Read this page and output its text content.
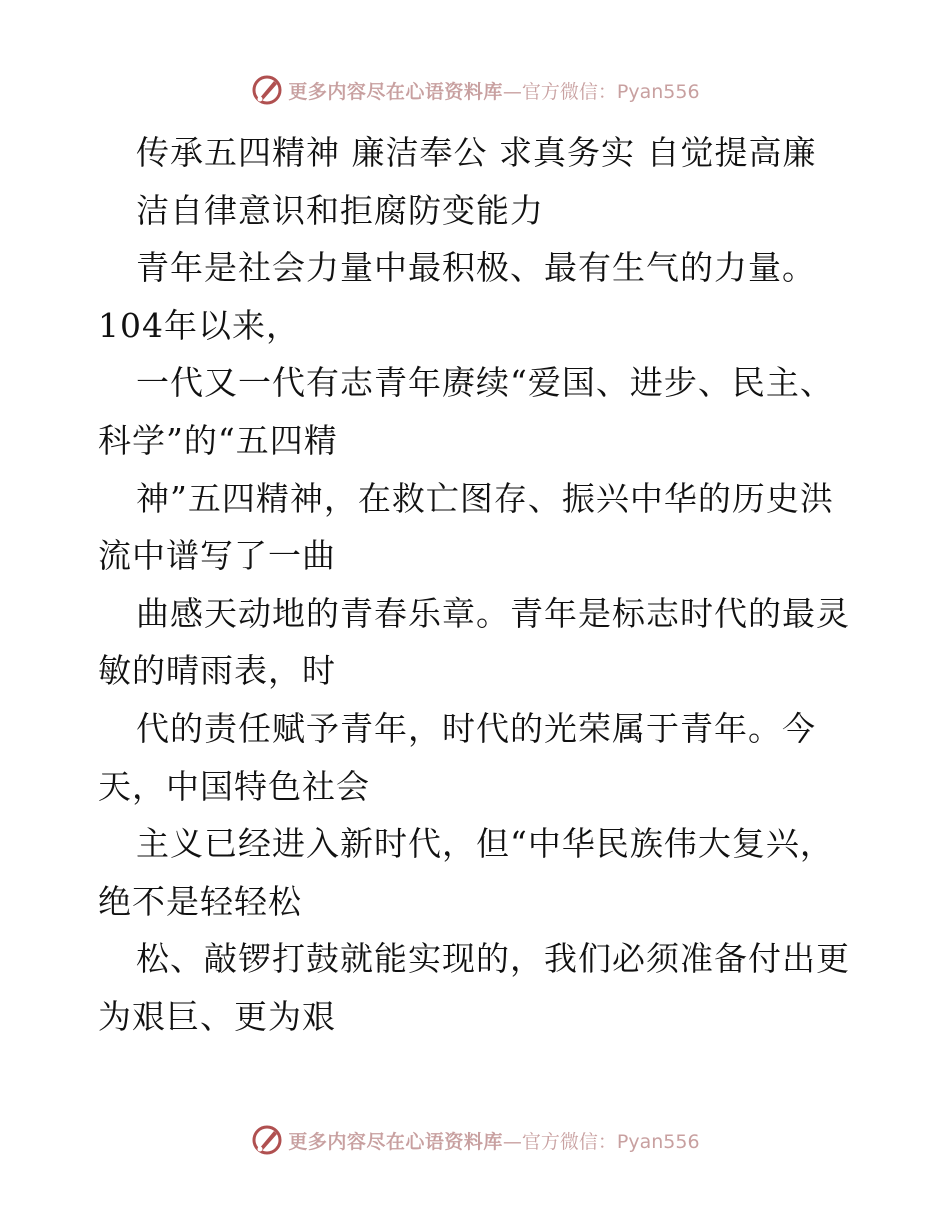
更多内容尽在心语资料库 —官方微信：Pyan556
传承五四精神 廉洁奉公 求真务实 自觉提高廉
洁自律意识和拒腐防变能力
青年是社会力量中最积极、最有生气的力量。
104年以来，
一代又一代有志青年赓续“爱国、进步、民主、
科学”的“五四精
神”五四精神，在救亡图存、振兴中华的历史洪
流中谱写了一曲
曲感天动地的青春乐章。青年是标志时代的最灵
敏的晴雨表，时
代的责任赋予青年，时代的光荣属于青年。今
天，中国特色社会
主义已经进入新时代，但“中华民族伟大复兴，
绝不是轻轻松
松、敲锣打鼓就能实现的，我们必须准备付出更
为艰巨、更为艰
更多内容尽在心语资料库 —官方微信：Pyan556
